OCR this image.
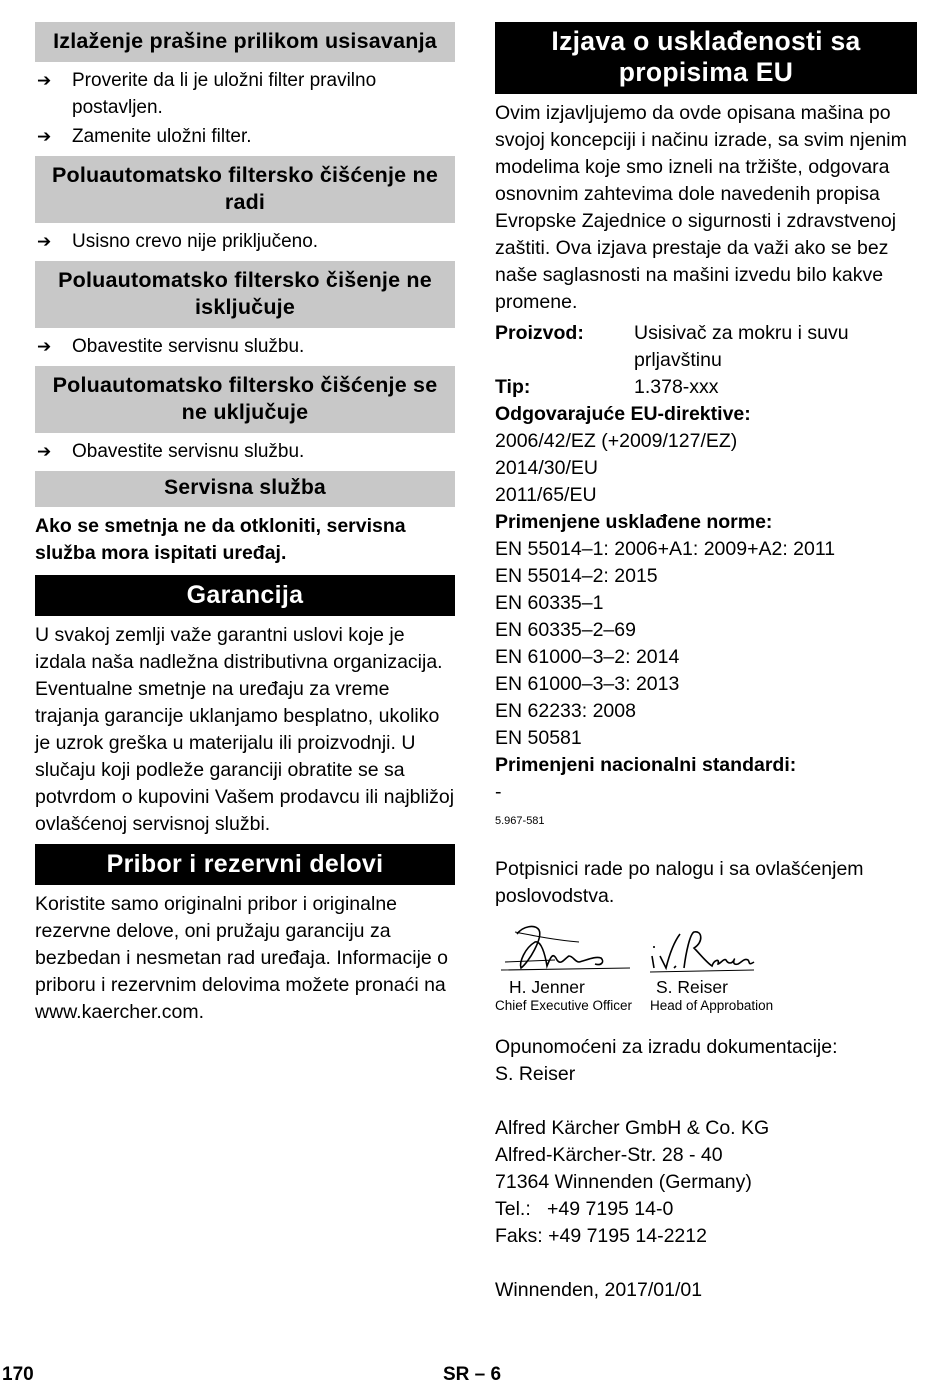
Izlaženje prašine prilikom usisavanja
➔	Proverite da li je uložni filter pravilno postavljen.
➔	Zamenite uložni filter.
Poluautomatsko filtersko čišćenje ne radi
➔	Usisno crevo nije priključeno.
Poluautomatsko filtersko čišenje ne isključuje
➔	Obavestite servisnu službu.
Poluautomatsko filtersko čišćenje se ne uključuje
➔	Obavestite servisnu službu.
Servisna služba

Ako se smetnja ne da otkloniti, servisna služba mora ispitati uređaj.

Garancija

U svakoj zemlji važe garantni uslovi koje je izdala naša nadležna distributivna organizacija. Eventualne smetnje na uređaju za vreme trajanja garancije uklanjamo besplatno, ukoliko je uzrok greška u materijalu ili proizvodnji. U slučaju koji podleže garanciji obratite se sa potvrdom o kupovini Vašem prodavcu ili najbližoj ovlašćenoj servisnoj službi.

Pribor i rezervni delovi

Koristite samo originalni pribor i originalne rezervne delove, oni pružaju garanciju za bezbedan i nesmetan rad uređaja. Informacije o priboru i rezervnim delovima možete pronaći na www.kaercher.com.

Izjava o usklađenosti sa propisima EU

Ovim izjavljujemo da ovde opisana mašina po svojoj koncepciji i načinu izrade, sa svim njenim modelima koje smo izneli na tržište, odgovara osnovnim zahtevima dole navedenih propisa Evropske Zajednice o sigurnosti i zdravstvenoj zaštiti. Ova izjava prestaje da važi ako se bez naše saglasnosti na mašini izvedu bilo kakve promene.

Proizvod:	Usisivač za mokru i suvu prljavštinu
Tip:	1.378-xxx

Odgovarajuće EU-direktive:

2006/42/EZ (+2009/127/EZ)

2014/30/EU

2011/65/EU

Primenjene usklađene norme:

EN 55014–1: 2006+A1: 2009+A2: 2011

EN 55014–2: 2015

EN 60335–1

EN 60335–2–69

EN 61000–3–2: 2014

EN 61000–3–3: 2013

EN 62233: 2008

EN 50581

Primenjeni nacionalni standardi:

-

5.967-581

Potpisnici rade po nalogu i sa ovlašćenjem poslovodstva.

H. Jenner
Chief Executive Officer
S. Reiser
Head of Approbation

Opunomoćeni za izradu dokumentacije:

S. Reiser

Alfred Kärcher GmbH & Co. KG

Alfred-Kärcher-Str. 28 - 40

71364 Winnenden (Germany)

Tel.:   +49 7195 14-0

Faks: +49 7195 14-2212

Winnenden, 2017/01/01

170	SR – 6
